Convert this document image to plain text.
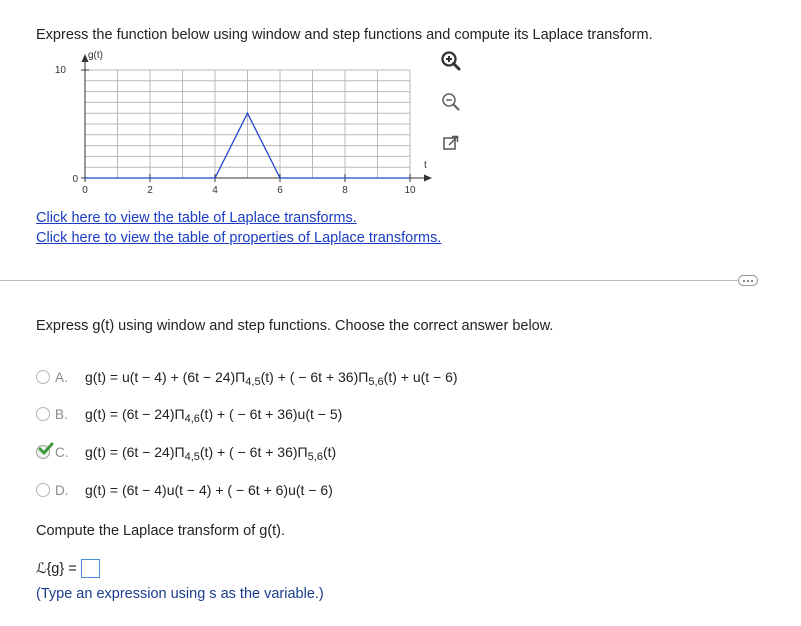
Express the function below using window and step functions and compute its Laplace transform.
g(t)
10
0
t
0	2	4	6	8	10
Click here to view the table of Laplace transforms.
Click here to view the table of properties of Laplace transforms.
Express g(t) using window and step functions. Choose the correct answer below.
A.	$g(t) = u(t - 4) + (6t - 24)\Pi_{4,5}(t)$ + ( − $6t + 36)\Pi_{5,6}(t) + u(t - 6)$
B.	$g(t) = (6t - 24)\Pi_{4,6}(t)$ + ( − 6t + 36)u(t − 5)
C.	$g(t) = (6t - 24)\Pi_{4,5}(t)$ + ( − $6t + 36)\Pi_{5,6}(t)$
D.	g(t) = (6t − 4)u(t − 4) + ( − 6t + 6)u(t − 6)
Compute the Laplace transform of g(t).
ℒ{g} =
(Type an expression using s as the variable.)
